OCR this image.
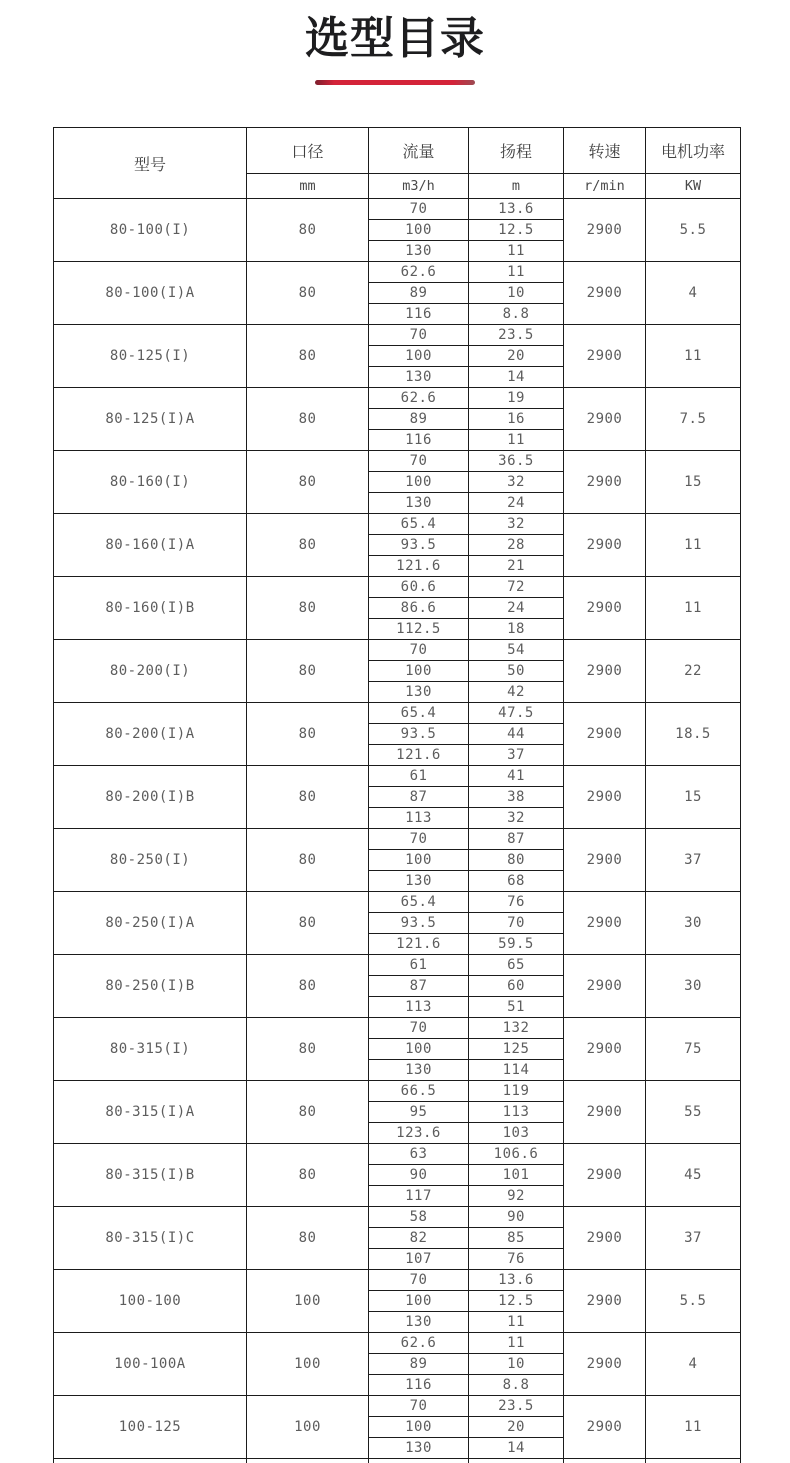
选型目录
型号	口径	流量	扬程	转速	电机功率
	mm	m3/h	m	r/min	KW
80-100(I)	80	70	13.6	2900	5.5
		100	12.5		
		130	11		
80-100(I)A	80	62.6	11	2900	4
		89	10		
		116	8.8		
80-125(I)	80	70	23.5	2900	11
		100	20		
		130	14		
80-125(I)A	80	62.6	19	2900	7.5
		89	16		
		116	11		
80-160(I)	80	70	36.5	2900	15
		100	32		
		130	24		
80-160(I)A	80	65.4	32	2900	11
		93.5	28		
		121.6	21		
80-160(I)B	80	60.6	72	2900	11
		86.6	24		
		112.5	18		
80-200(I)	80	70	54	2900	22
		100	50		
		130	42		
80-200(I)A	80	65.4	47.5	2900	18.5
		93.5	44		
		121.6	37		
80-200(I)B	80	61	41	2900	15
		87	38		
		113	32		
80-250(I)	80	70	87	2900	37
		100	80		
		130	68		
80-250(I)A	80	65.4	76	2900	30
		93.5	70		
		121.6	59.5		
80-250(I)B	80	61	65	2900	30
		87	60		
		113	51		
80-315(I)	80	70	132	2900	75
		100	125		
		130	114		
80-315(I)A	80	66.5	119	2900	55
		95	113		
		123.6	103		
80-315(I)B	80	63	106.6	2900	45
		90	101		
		117	92		
80-315(I)C	80	58	90	2900	37
		82	85		
		107	76		
100-100	100	70	13.6	2900	5.5
		100	12.5		
		130	11		
100-100A	100	62.6	11	2900	4
		89	10		
		116	8.8		
100-125	100	70	23.5	2900	11
		100	20		
		130	14		
